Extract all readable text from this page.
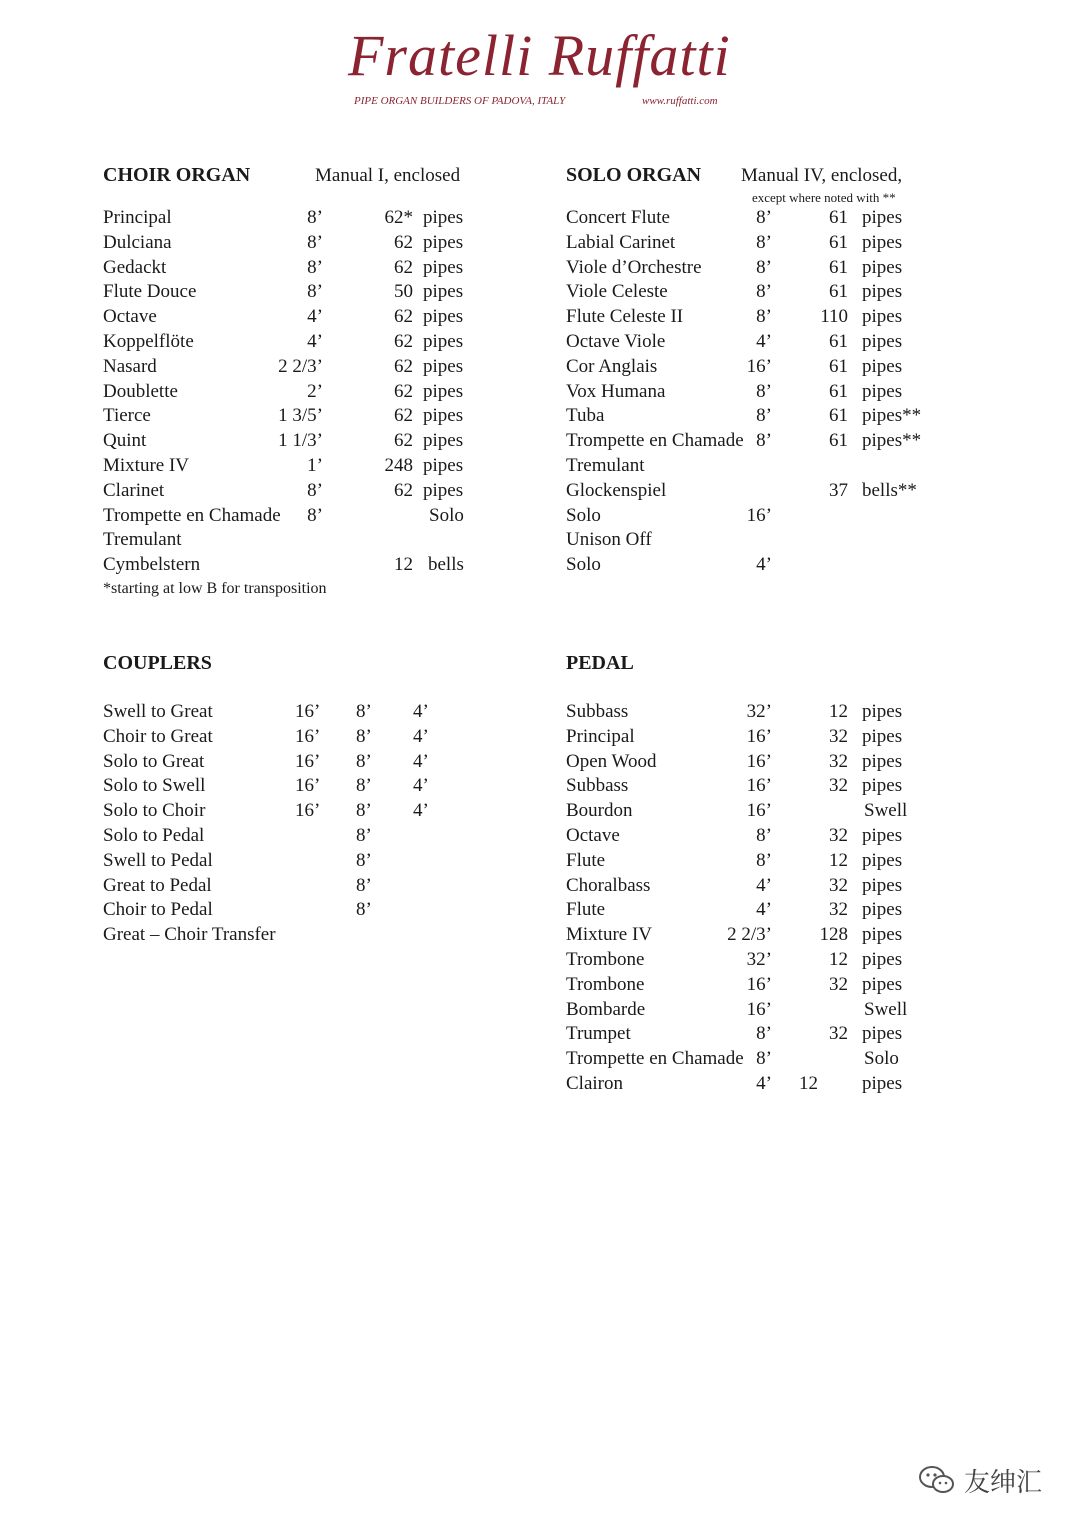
Fratelli Ruffatti
PIPE ORGAN BUILDERS OF PADOVA, ITALY	www.ruffatti.com
CHOIR ORGAN	Manual I, enclosed
Principal	8’	62* pipes
Dulciana	8’	62 pipes
Gedackt	8’	62 pipes
Flute Douce	8’	50 pipes
Octave	4’	62 pipes
Koppelflöte	4’	62 pipes
Nasard	2 2/3’	62 pipes
Doublette	2’	62 pipes
Tierce	1 3/5’	62 pipes
Quint	1 1/3’	62 pipes
Mixture IV	1’	248 pipes
Clarinet	8’	62 pipes
Trompette en Chamade	8’	Solo
Tremulant
Cymbelstern	12 bells
*starting at low B for transposition
SOLO ORGAN Manual IV, enclosed,
except where noted with **
Concert Flute	8’	61 pipes
Labial Carinet	8’	61 pipes
Viole d’Orchestre	8’	61 pipes
Viole Celeste	8’	61 pipes
Flute Celeste II	8’	110 pipes
Octave Viole	4’	61 pipes
Cor Anglais	16’	61 pipes
Vox Humana	8’	61 pipes
Tuba	8’	61 pipes**
Trompette en Chamade 8’	61 pipes**
Tremulant
Glockenspiel	37 bells**
Solo	16’
Unison Off
Solo	4’
COUPLERS
Swell to Great	16’ 8’ 4’
Choir to Great	16’ 8’ 4’
Solo to Great	16’ 8’ 4’
Solo to Swell	16’ 8’ 4’
Solo to Choir	16’ 8’ 4’
Solo to Pedal	8’
Swell to Pedal	8’
Great to Pedal	8’
Choir to Pedal	8’
Great – Choir Transfer
PEDAL
Subbass	32’	12 pipes
Principal	16’	32 pipes
Open Wood	16’	32 pipes
Subbass	16’	32 pipes
Bourdon	16’	Swell
Octave	8’	32 pipes
Flute	8’	12 pipes
Choralbass	4’	32 pipes
Flute	4’	32 pipes
Mixture IV	2 2/3’	128 pipes
Trombone	32’	12 pipes
Trombone	16’	32 pipes
Bombarde	16’	Swell
Trumpet	8’	32 pipes
Trompette en Chamade 8’	Solo
Clairon	4’	12 pipes
友绅汇
